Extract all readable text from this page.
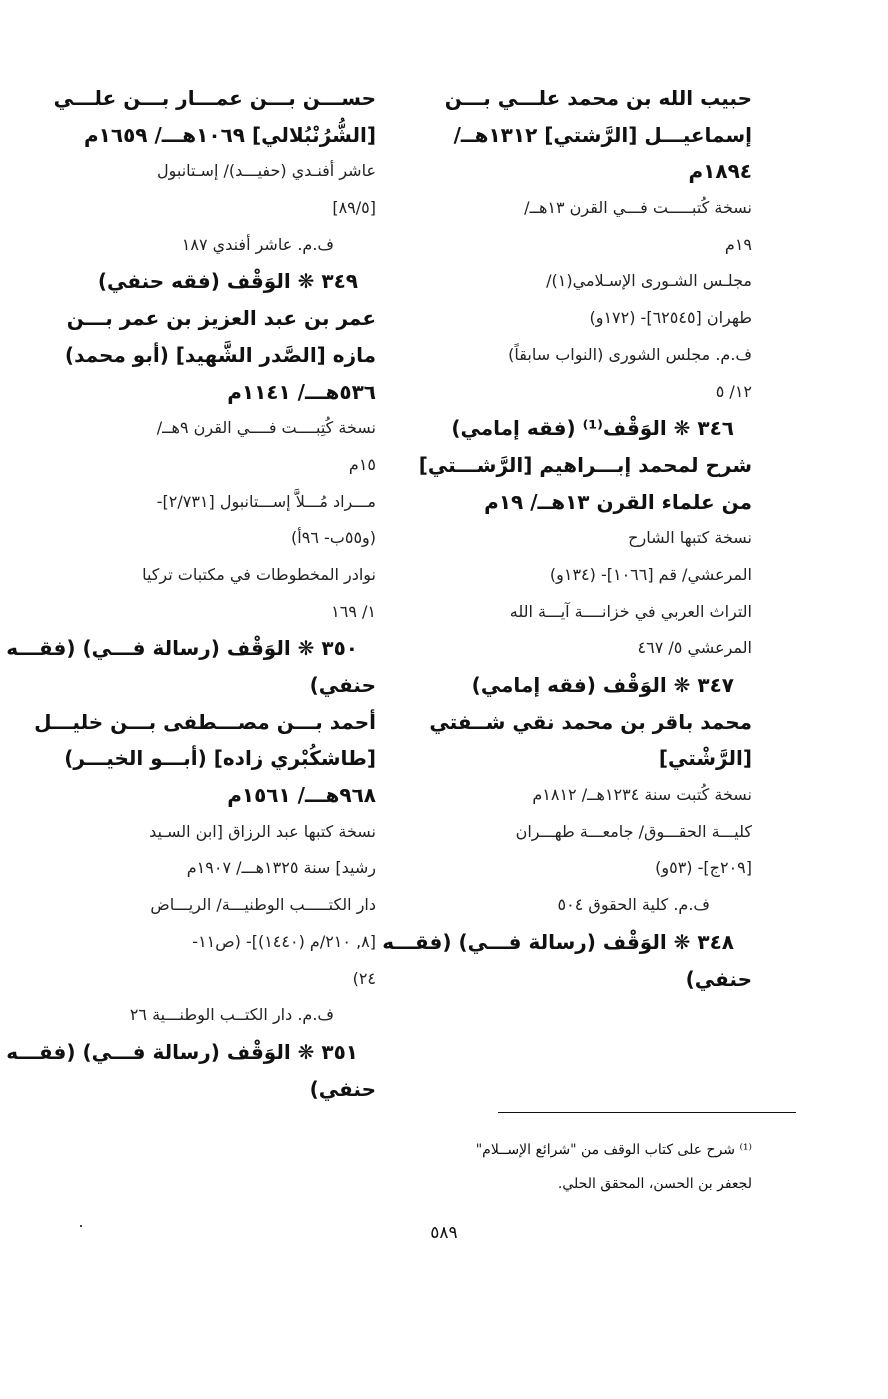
حبيب الله بن محمد علـــي بـــن
إسماعيـــل [الرَّشتي] ١٣١٢هــ/
١٨٩٤م
نسخة كُتبـــــت فـــي القرن ١٣هــ/
١٩م
مجلـس الشـورى الإسـلامي(١)/
طهران [٦٢٥٤٥]- (١٧٢و)
ف.م. مجلس الشورى (النواب سابقاً)
١٢/ ٥
٣٤٦ ❋ الوَقْف⁽¹⁾ (فقه إمامي)
شرح لمحمد إبـــراهيم [الرَّشـــتي]
من علماء القرن ١٣هــ/ ١٩م
نسخة كتبها الشارح
المرعشي/ قم [١٠٦٦]- (١٣٤و)
التراث العربي في خزانــــة آيـــة الله
المرعشي ٥/ ٤٦٧
٣٤٧ ❋ الوَقْف (فقه إمامي)
محمد باقر بن محمد نقي شــفتي
[الرَّشْتي]
نسخة كُتبت سنة ١٢٣٤هــ/ ١٨١٢م
كليـــة الحقـــوق/ جامعـــة طهـــران
[٢٠٩ج]- (٥٣و)
ف.م. كلية الحقوق ٥٠٤
٣٤٨ ❋ الوَقْف (رسالة فـــي) (فقـــه
حنفي)
حســـن بـــن عمـــار بـــن علـــي
[الشُّرُنْبُلالي] ١٠٦٩هـــ/ ١٦٥٩م
عاشر أفنـدي (حفيـــد)/ إسـتانبول
[٨٩/٥]
ف.م. عاشر أفندي ١٨٧
٣٤٩ ❋ الوَقْف (فقه حنفي)
عمر بن عبد العزيز بن عمر بـــن
مازه [الصَّدر الشَّهيد] (أبو محمد)
٥٣٦هـــ/ ١١٤١م
نسخة كُتِبــــت فــــي القرن ٩هــ/
١٥م
مـــراد مُـــلاَّ إســـتانبول [٢/٧٣١]-
(و٥٥ب- ٩٦أ)
نوادر المخطوطات في مكتبات تركيا
١/ ١٦٩
٣٥٠ ❋ الوَقْف (رسالة فـــي) (فقـــه
حنفي)
أحمد بـــن مصـــطفى بـــن خليـــل
[طاشكُبْري زاده] (أبـــو الخيـــر)
٩٦٨هـــ/ ١٥٦١م
نسخة كتبها عبد الرزاق [ابن السـيد
رشيد] سنة ١٣٢٥هـــ/ ١٩٠٧م
دار الكتـــــب الوطنيـــة/ الريـــاض
[٨, ٢١٠/م (١٤٤٠)]- (ص١١-
٢٤)
ف.م. دار الكتــب الوطنـــية ٢٦
٣٥١ ❋ الوَقْف (رسالة فـــي) (فقـــه
حنفي)
⁽¹⁾ شرح على كتاب الوقف من "شرائع الإســلام"
لجعفر بن الحسن، المحقق الحلي.
٥٨٩
